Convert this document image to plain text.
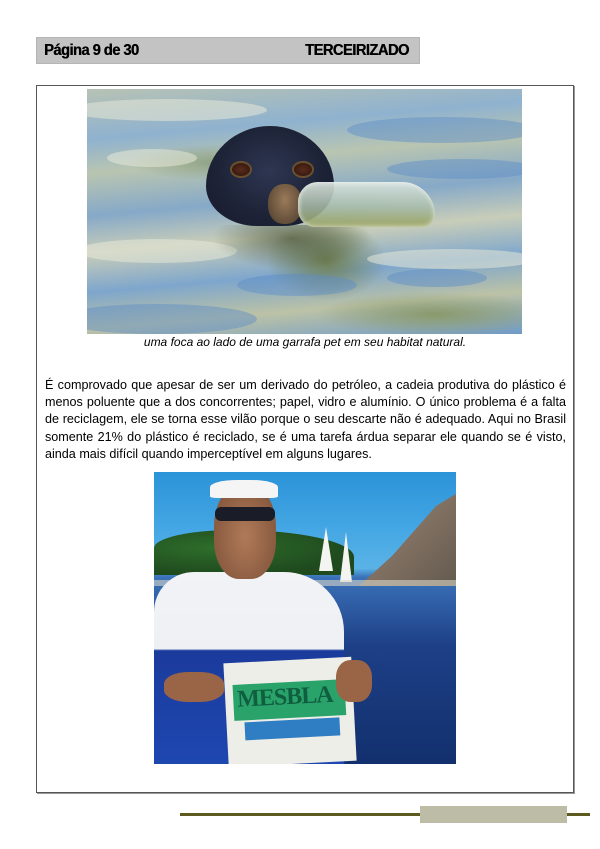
Página 9 de 30	TERCEIRIZADO
uma foca ao lado de uma garrafa pet em seu habitat natural.

É comprovado que apesar de ser um derivado do petróleo, a cadeia produtiva do plástico é menos poluente que a dos concorrentes; papel, vidro e alumínio. O único problema é a falta de reciclagem, ele se torna esse vilão porque o seu descarte não é adequado. Aqui no Brasil somente 21% do plástico é reciclado, se é uma tarefa árdua separar ele quando se é visto, ainda mais difícil quando imperceptível em alguns lugares.

MESBLA
